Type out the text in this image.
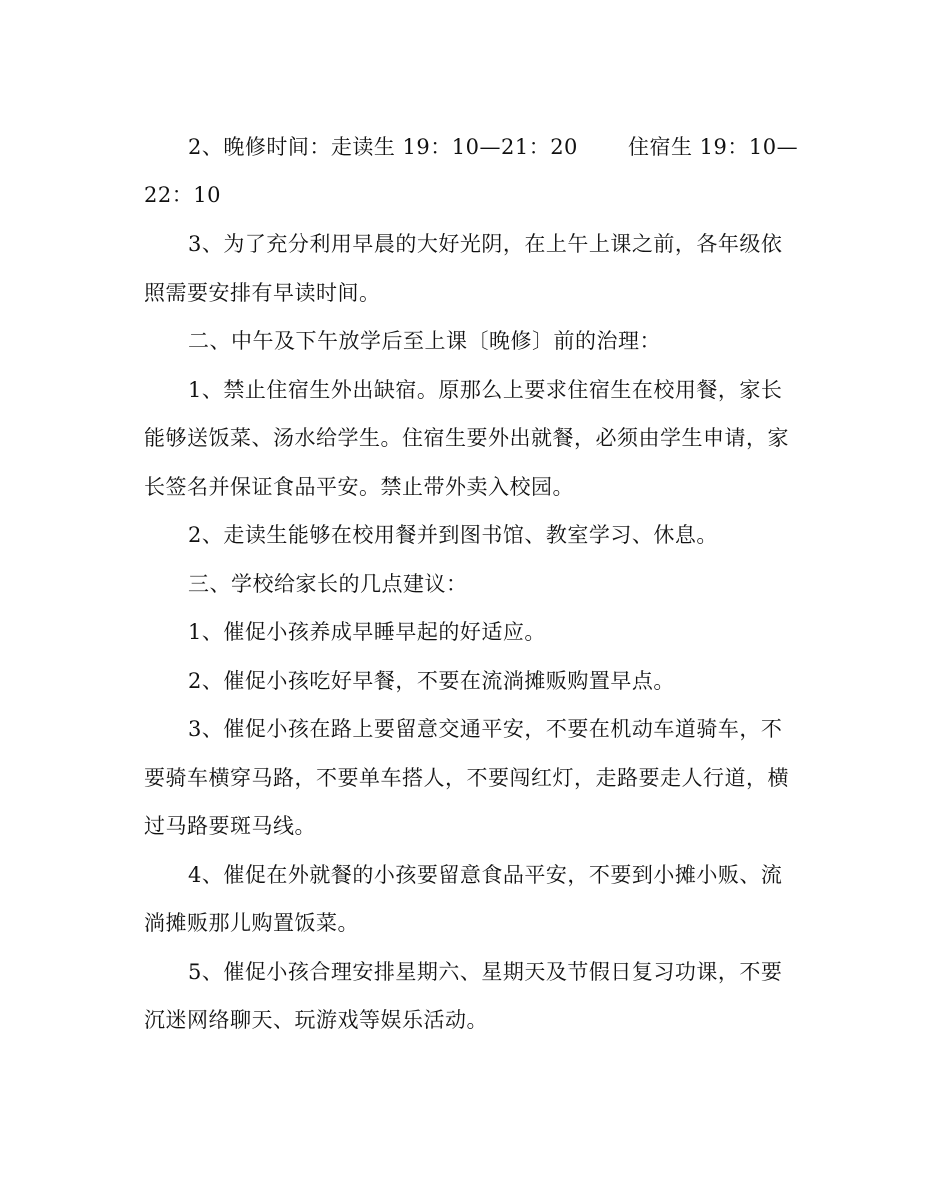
2、晚修时间：走读生 19：10—21：20 住宿生 19：10—
22：10
3、为了充分利用早晨的大好光阴，在上午上课之前，各年级依
照需要安排有早读时间。
二、中午及下午放学后至上课〔晚修〕前的治理：
1、禁止住宿生外出缺宿。原那么上要求住宿生在校用餐，家长
能够送饭菜、汤水给学生。住宿生要外出就餐，必须由学生申请，家
长签名并保证食品平安。禁止带外卖入校园。
2、走读生能够在校用餐并到图书馆、教室学习、休息。
三、学校给家长的几点建议：
1、催促小孩养成早睡早起的好适应。
2、催促小孩吃好早餐，不要在流淌摊贩购置早点。
3、催促小孩在路上要留意交通平安，不要在机动车道骑车，不
要骑车横穿马路，不要单车搭人，不要闯红灯，走路要走人行道，横
过马路要斑马线。
4、催促在外就餐的小孩要留意食品平安，不要到小摊小贩、流
淌摊贩那儿购置饭菜。
5、催促小孩合理安排星期六、星期天及节假日复习功课，不要
沉迷网络聊天、玩游戏等娱乐活动。
